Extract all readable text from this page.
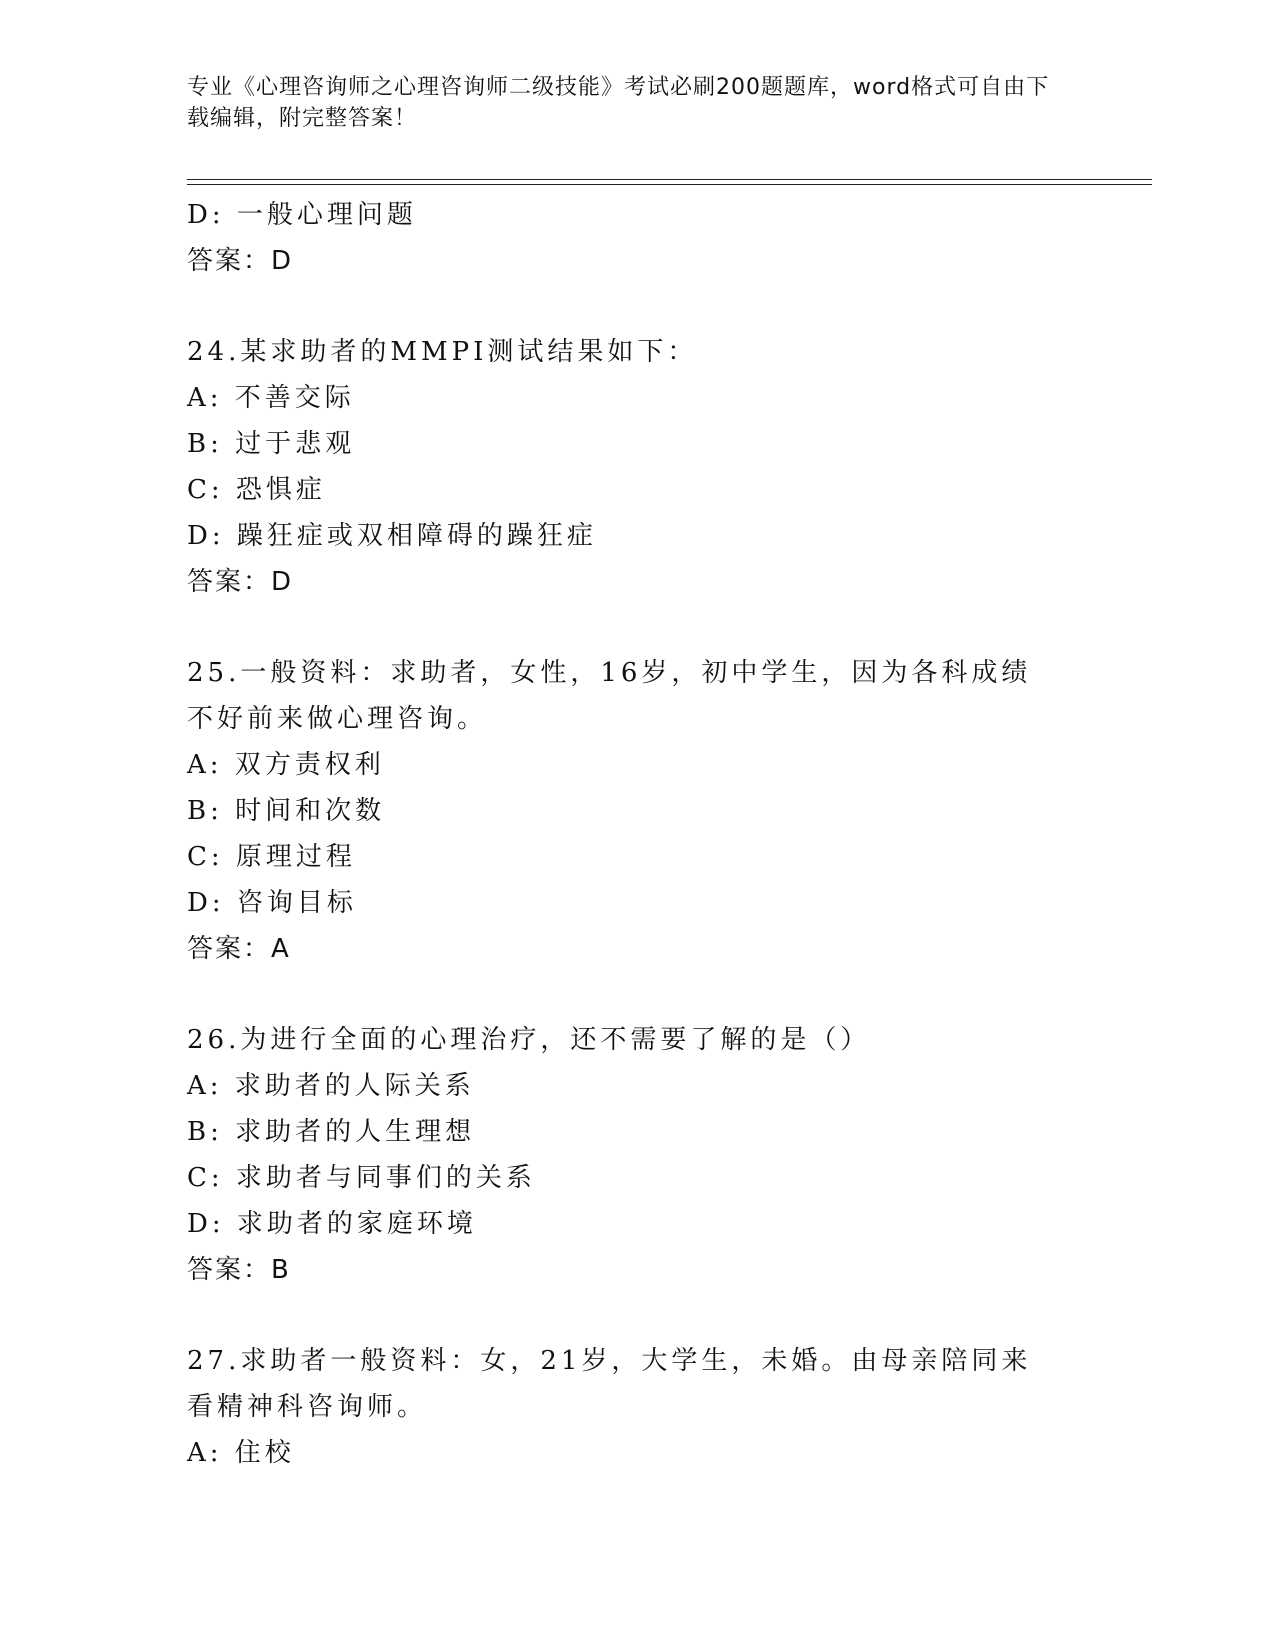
专业《心理咨询师之心理咨询师二级技能》考试必刷200题题库，word格式可自由下载编辑，附完整答案！
D: 一般心理问题
答案：D
24.某求助者的MMPI测试结果如下：
A: 不善交际
B: 过于悲观
C: 恐惧症
D: 躁狂症或双相障碍的躁狂症
答案：D
25.一般资料：求助者，女性，16岁，初中学生，因为各科成绩不好前来做心理咨询。
A: 双方责权利
B: 时间和次数
C: 原理过程
D: 咨询目标
答案：A
26.为进行全面的心理治疗，还不需要了解的是（）
A: 求助者的人际关系
B: 求助者的人生理想
C: 求助者与同事们的关系
D: 求助者的家庭环境
答案：B
27.求助者一般资料：女，21岁，大学生，未婚。由母亲陪同来看精神科咨询师。
A: 住校
